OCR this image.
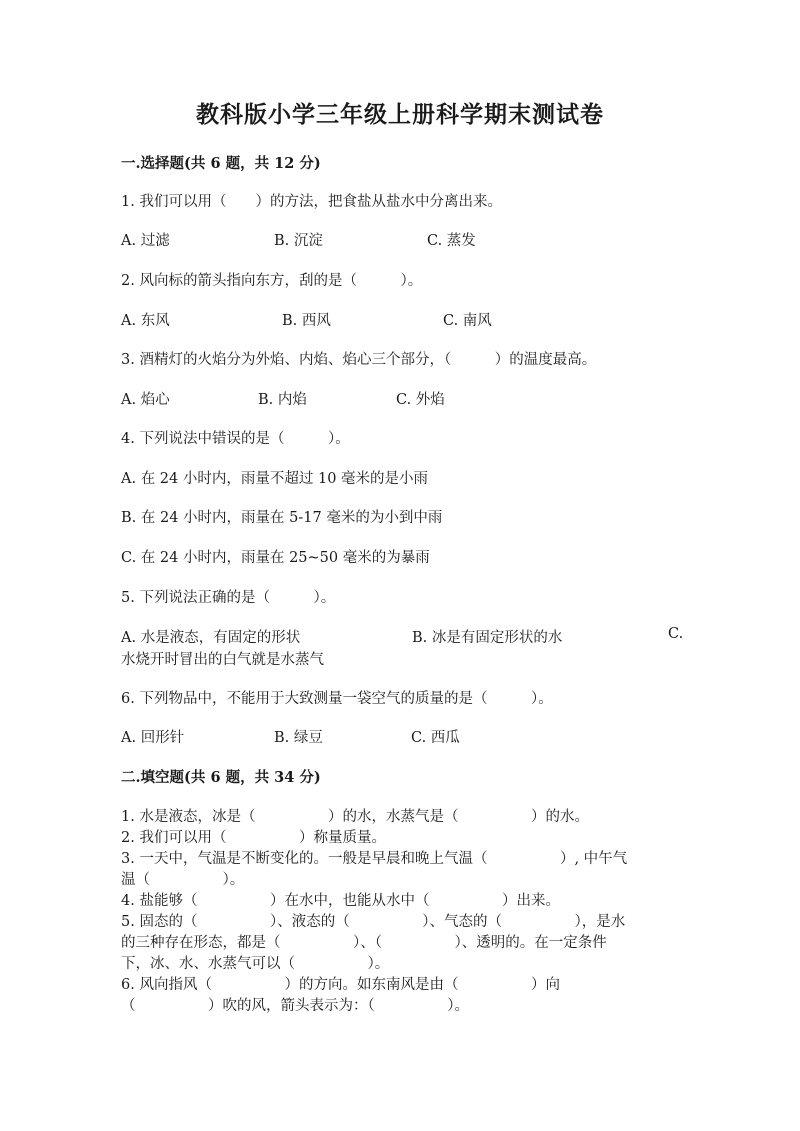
教科版小学三年级上册科学期末测试卷
一.选择题(共 6 题，共 12 分)
1. 我们可以用（　　）的方法，把食盐从盐水中分离出来。
A. 过滤	B. 沉淀	C. 蒸发
2. 风向标的箭头指向东方，刮的是（　　　）。
A. 东风	B. 西风	C. 南风
3. 酒精灯的火焰分为外焰、内焰、焰心三个部分，（　　　）的温度最高。
A. 焰心	B. 内焰	C. 外焰
4. 下列说法中错误的是（　　　）。
A. 在 24 小时内，雨量不超过 10 毫米的是小雨
B. 在 24 小时内，雨量在 5-17 毫米的为小到中雨
C. 在 24 小时内，雨量在 25~50 毫米的为暴雨
5. 下列说法正确的是（　　　）。
A. 水是液态，有固定的形状	B. 冰是有固定形状的水	C.
水烧开时冒出的白气就是水蒸气
6. 下列物品中，不能用于大致测量一袋空气的质量的是（　　　）。
A. 回形针	B. 绿豆	C. 西瓜
二.填空题(共 6 题，共 34 分)
1. 水是液态，冰是（　　　　　）的水，水蒸气是（　　　　　）的水。
2. 我们可以用（　　　　　）称量质量。
3. 一天中，气温是不断变化的。一般是早晨和晚上气温（　　　　　）, 中午气
温（　　　　　）。
4. 盐能够（　　　　　）在水中，也能从水中（　　　　　）出来。
5. 固态的（　　　　　）、液态的（　　　　　）、气态的（　　　　　），是水
的三种存在形态，都是（　　　　　）、（　　　　　）、透明的。在一定条件
下，冰、水、水蒸气可以（　　　　　）。
6. 风向指风（　　　　　）的方向。如东南风是由（　　　　　）向
（　　　　　）吹的风，箭头表示为：（　　　　　）。
